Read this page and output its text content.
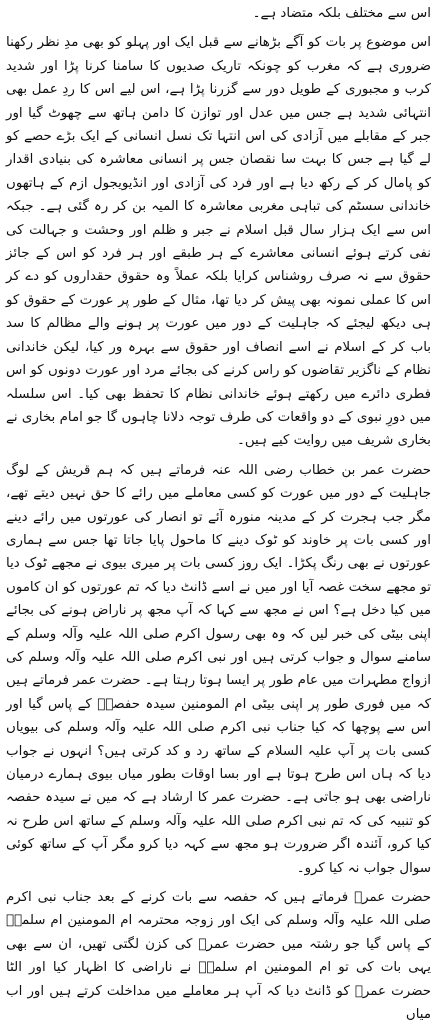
اس سے مختلف بلکہ متضاد ہے۔

اس موضوع پر بات کو آگے بڑھانے سے قبل ایک اور پہلو کو بھی مدِ نظر رکھنا ضروری ہے کہ مغرب کو چونکہ تاریک صدیوں کا سامنا کرنا پڑا اور شدید کرب و مجبوری کے طویل دور سے گزرنا پڑا ہے، اس لیے اس کا ردِ عمل بھی انتہائی شدید ہے جس میں عدل اور توازن کا دامن ہاتھ سے چھوٹ گیا اور جبر کے مقابلے میں آزادی کی اس انتہا تک نسل انسانی کے ایک بڑے حصے کو لے گیا ہے جس کا بہت سا نقصان جس پر انسانی معاشرہ کی بنیادی اقدار کو پامال کر کے رکھ دیا ہے اور فرد کی آزادی اور انڈیویجول ازم کے ہاتھوں خاندانی سسٹم کی تباہی مغربی معاشرہ کا المیہ بن کر رہ گئی ہے۔ جبکہ اس سے ایک ہزار سال قبل اسلام نے جبر و ظلم اور وحشت و جہالت کی نفی کرتے ہوئے انسانی معاشرے کے ہر طبقے اور ہر فرد کو اس کے جائز حقوق سے نہ صرف روشناس کرایا بلکہ عملاً وہ حقوق حقداروں کو دے کر اس کا عملی نمونہ بھی پیش کر دیا تھا، مثال کے طور پر عورت کے حقوق کو ہی دیکھ لیجئے کہ جاہلیت کے دور میں عورت پر ہونے والے مظالم کا سد باب کر کے اسلام نے اسے انصاف اور حقوق سے بہرہ ور کیا، لیکن خاندانی نظام کے ناگزیر تقاضوں کو راس کرنے کی بجائے مرد اور عورت دونوں کو اس فطری دائرے میں رکھتے ہوئے خاندانی نظام کا تحفظ بھی کیا۔ اس سلسلہ میں دورِ نبوی کے دو واقعات کی طرف توجہ دلانا چاہوں گا جو امام بخاری نے بخاری شریف میں روایت کیے ہیں۔

حضرت عمر بن خطاب رضی اللہ عنہ فرماتے ہیں کہ ہم قریش کے لوگ جاہلیت کے دور میں عورت کو کسی معاملے میں رائے کا حق نہیں دیتے تھے، مگر جب ہجرت کر کے مدینہ منورہ آئے تو انصار کی عورتوں میں رائے دینے اور کسی بات پر خاوند کو ٹوک دینے کا ماحول پایا جاتا تھا جس سے ہماری عورتوں نے بھی رنگ پکڑا۔ ایک روز کسی بات پر میری بیوی نے مجھے ٹوک دیا تو مجھے سخت غصہ آیا اور میں نے اسے ڈانٹ دیا کہ تم عورتوں کو ان کاموں میں کیا دخل ہے؟ اس نے مجھ سے کہا کہ آپ مجھ پر ناراض ہونے کی بجائے اپنی بیٹی کی خبر لیں کہ وہ بھی رسول اکرم صلی اللہ علیہ وآلہ وسلم کے سامنے سوال و جواب کرتی ہیں اور نبی اکرم صلی اللہ علیہ وآلہ وسلم کی ازواج مطہرات میں عام طور پر ایسا ہوتا رہتا ہے۔ حضرت عمر فرماتے ہیں کہ میں فوری طور پر اپنی بیٹی ام المومنین سیدہ حفصہؓ کے پاس گیا اور اس سے پوچھا کہ کیا جناب نبی اکرم صلی اللہ علیہ وآلہ وسلم کی بیویاں کسی بات پر آپ علیہ السلام کے ساتھ رد و کد کرتی ہیں؟ انہوں نے جواب دیا کہ ہاں اس طرح ہوتا ہے اور بسا اوقات بطور میاں بیوی ہمارے درمیان ناراضی بھی ہو جاتی ہے۔ حضرت عمر کا ارشاد ہے کہ میں نے سیدہ حفصہ کو تنبیہ کی کہ تم نبی اکرم صلی اللہ علیہ وآلہ وسلم کے ساتھ اس طرح نہ کیا کرو، آئندہ اگر ضرورت ہو مجھ سے کہہ دیا کرو مگر آپ کے ساتھ کوئی سوال جواب نہ کیا کرو۔

حضرت عمرؓ فرماتے ہیں کہ حفصہ سے بات کرنے کے بعد جناب نبی اکرم صلی اللہ علیہ وآلہ وسلم کی ایک اور زوجہ محترمہ ام المومنین ام سلمہؓ کے پاس گیا جو رشتہ میں حضرت عمرؓ کی کزن لگتی تھیں، ان سے بھی یہی بات کی تو ام المومنین ام سلمہؓ نے ناراضی کا اظہار کیا اور الٹا حضرت عمرؓ کو ڈانٹ دیا کہ آپ ہر معاملے میں مداخلت کرتے ہیں اور اب میاں
